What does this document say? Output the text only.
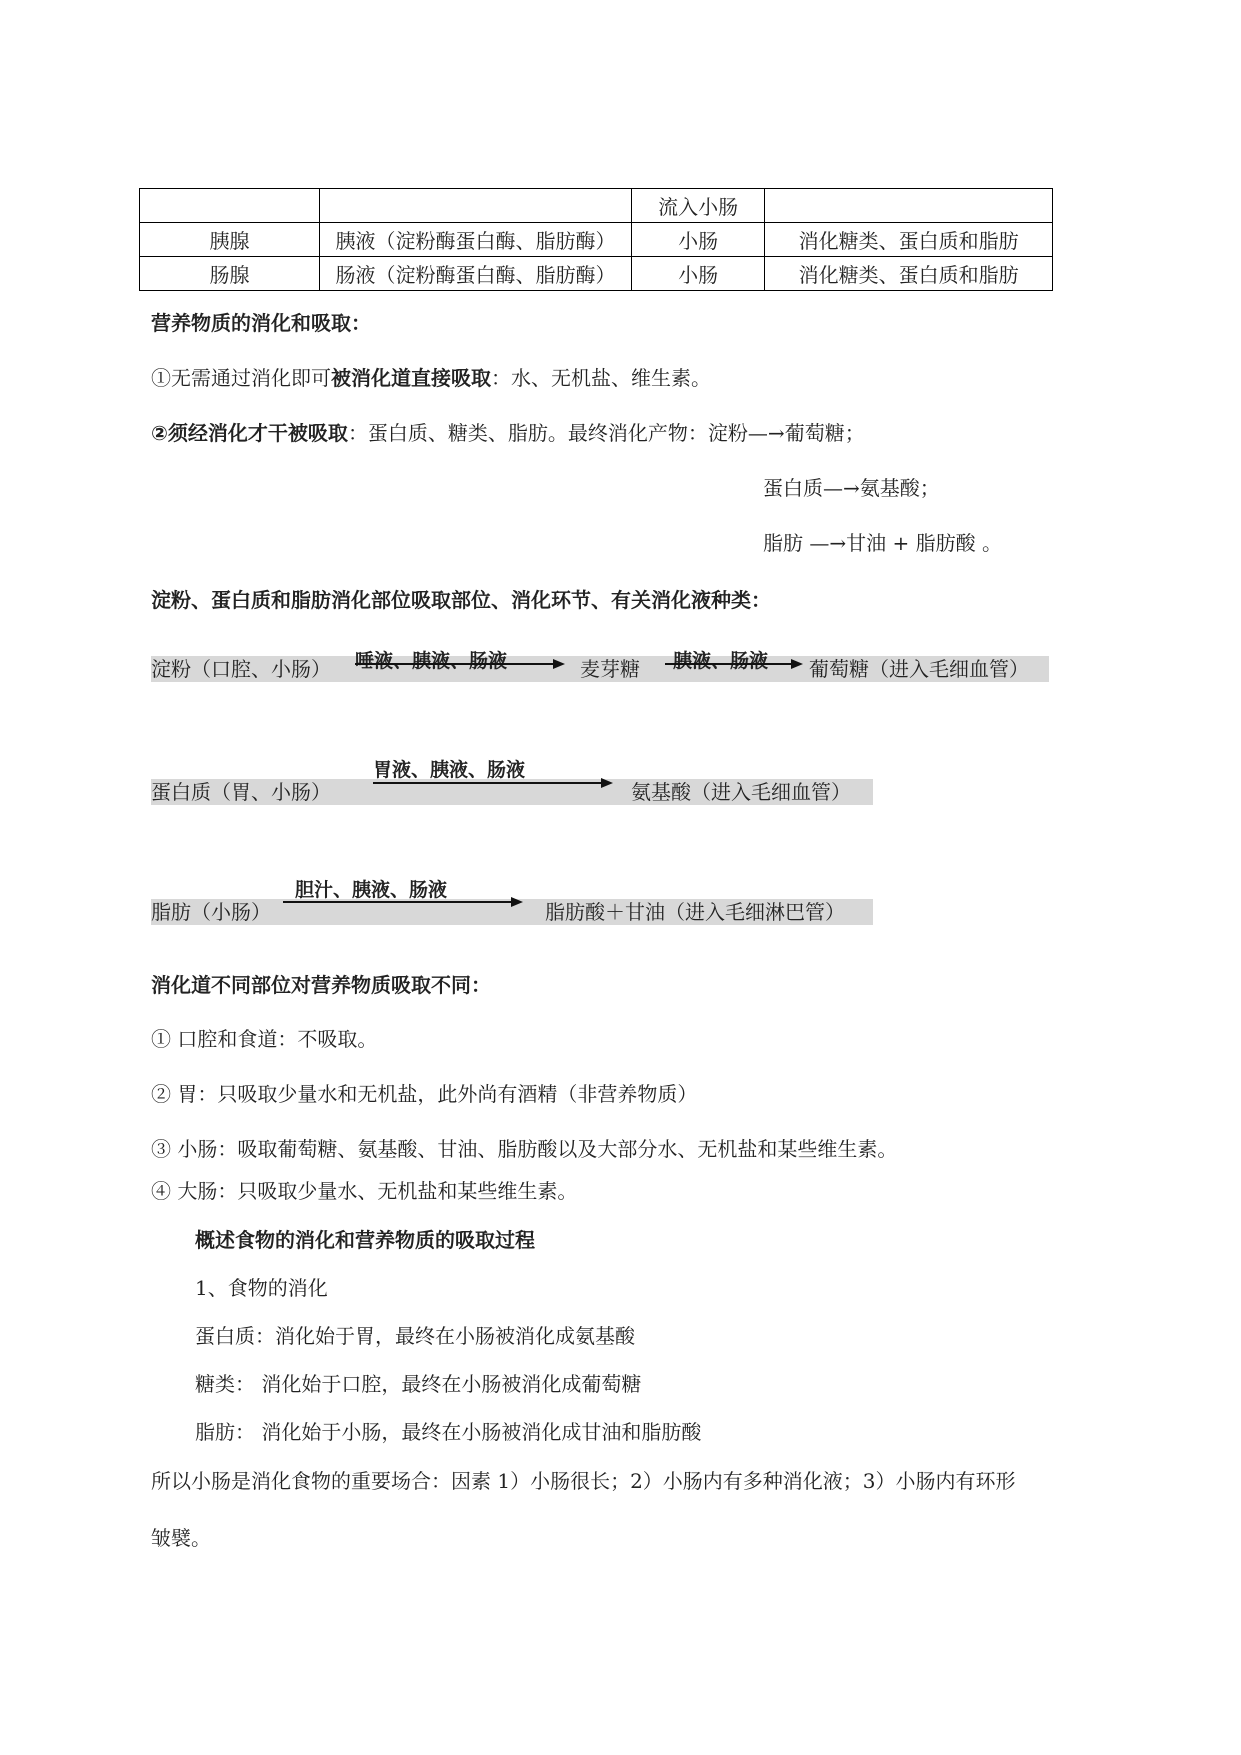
		流入小肠	
胰腺	胰液（淀粉酶蛋白酶、脂肪酶）	小肠	消化糖类、蛋白质和脂肪
肠腺	肠液（淀粉酶蛋白酶、脂肪酶）	小肠	消化糖类、蛋白质和脂肪
营养物质的消化和吸取：
①无需通过消化即可被消化道直接吸取：水、无机盐、维生素。
②须经消化才干被吸取：蛋白质、糖类、脂肪。最终消化产物：淀粉—→葡萄糖；
蛋白质—→氨基酸；
脂肪 —→甘油 + 脂肪酸 。
淀粉、蛋白质和脂肪消化部位吸取部位、消化环节、有关消化液种类：
淀粉（口腔、小肠） 唾液、胰液、肠液	麦芽糖 胰液、肠液 葡萄糖（进入毛细血管）
蛋白质（胃、小肠）
胃液、胰液、肠液
氨基酸（进入毛细血管）
脂肪（小肠）
胆汁、胰液、肠液
脂肪酸＋甘油（进入毛细淋巴管）
消化道不同部位对营养物质吸取不同：
① 口腔和食道：不吸取。
② 胃：只吸取少量水和无机盐，此外尚有酒精（非营养物质）
③ 小肠：吸取葡萄糖、氨基酸、甘油、脂肪酸以及大部分水、无机盐和某些维生素。
④ 大肠：只吸取少量水、无机盐和某些维生素。
概述食物的消化和营养物质的吸取过程
1、食物的消化
蛋白质：消化始于胃，最终在小肠被消化成氨基酸
糖类： 消化始于口腔，最终在小肠被消化成葡萄糖
脂肪： 消化始于小肠，最终在小肠被消化成甘油和脂肪酸
所以小肠是消化食物的重要场合：因素 1）小肠很长；2）小肠内有多种消化液；3）小肠内有环形
皱襞。
